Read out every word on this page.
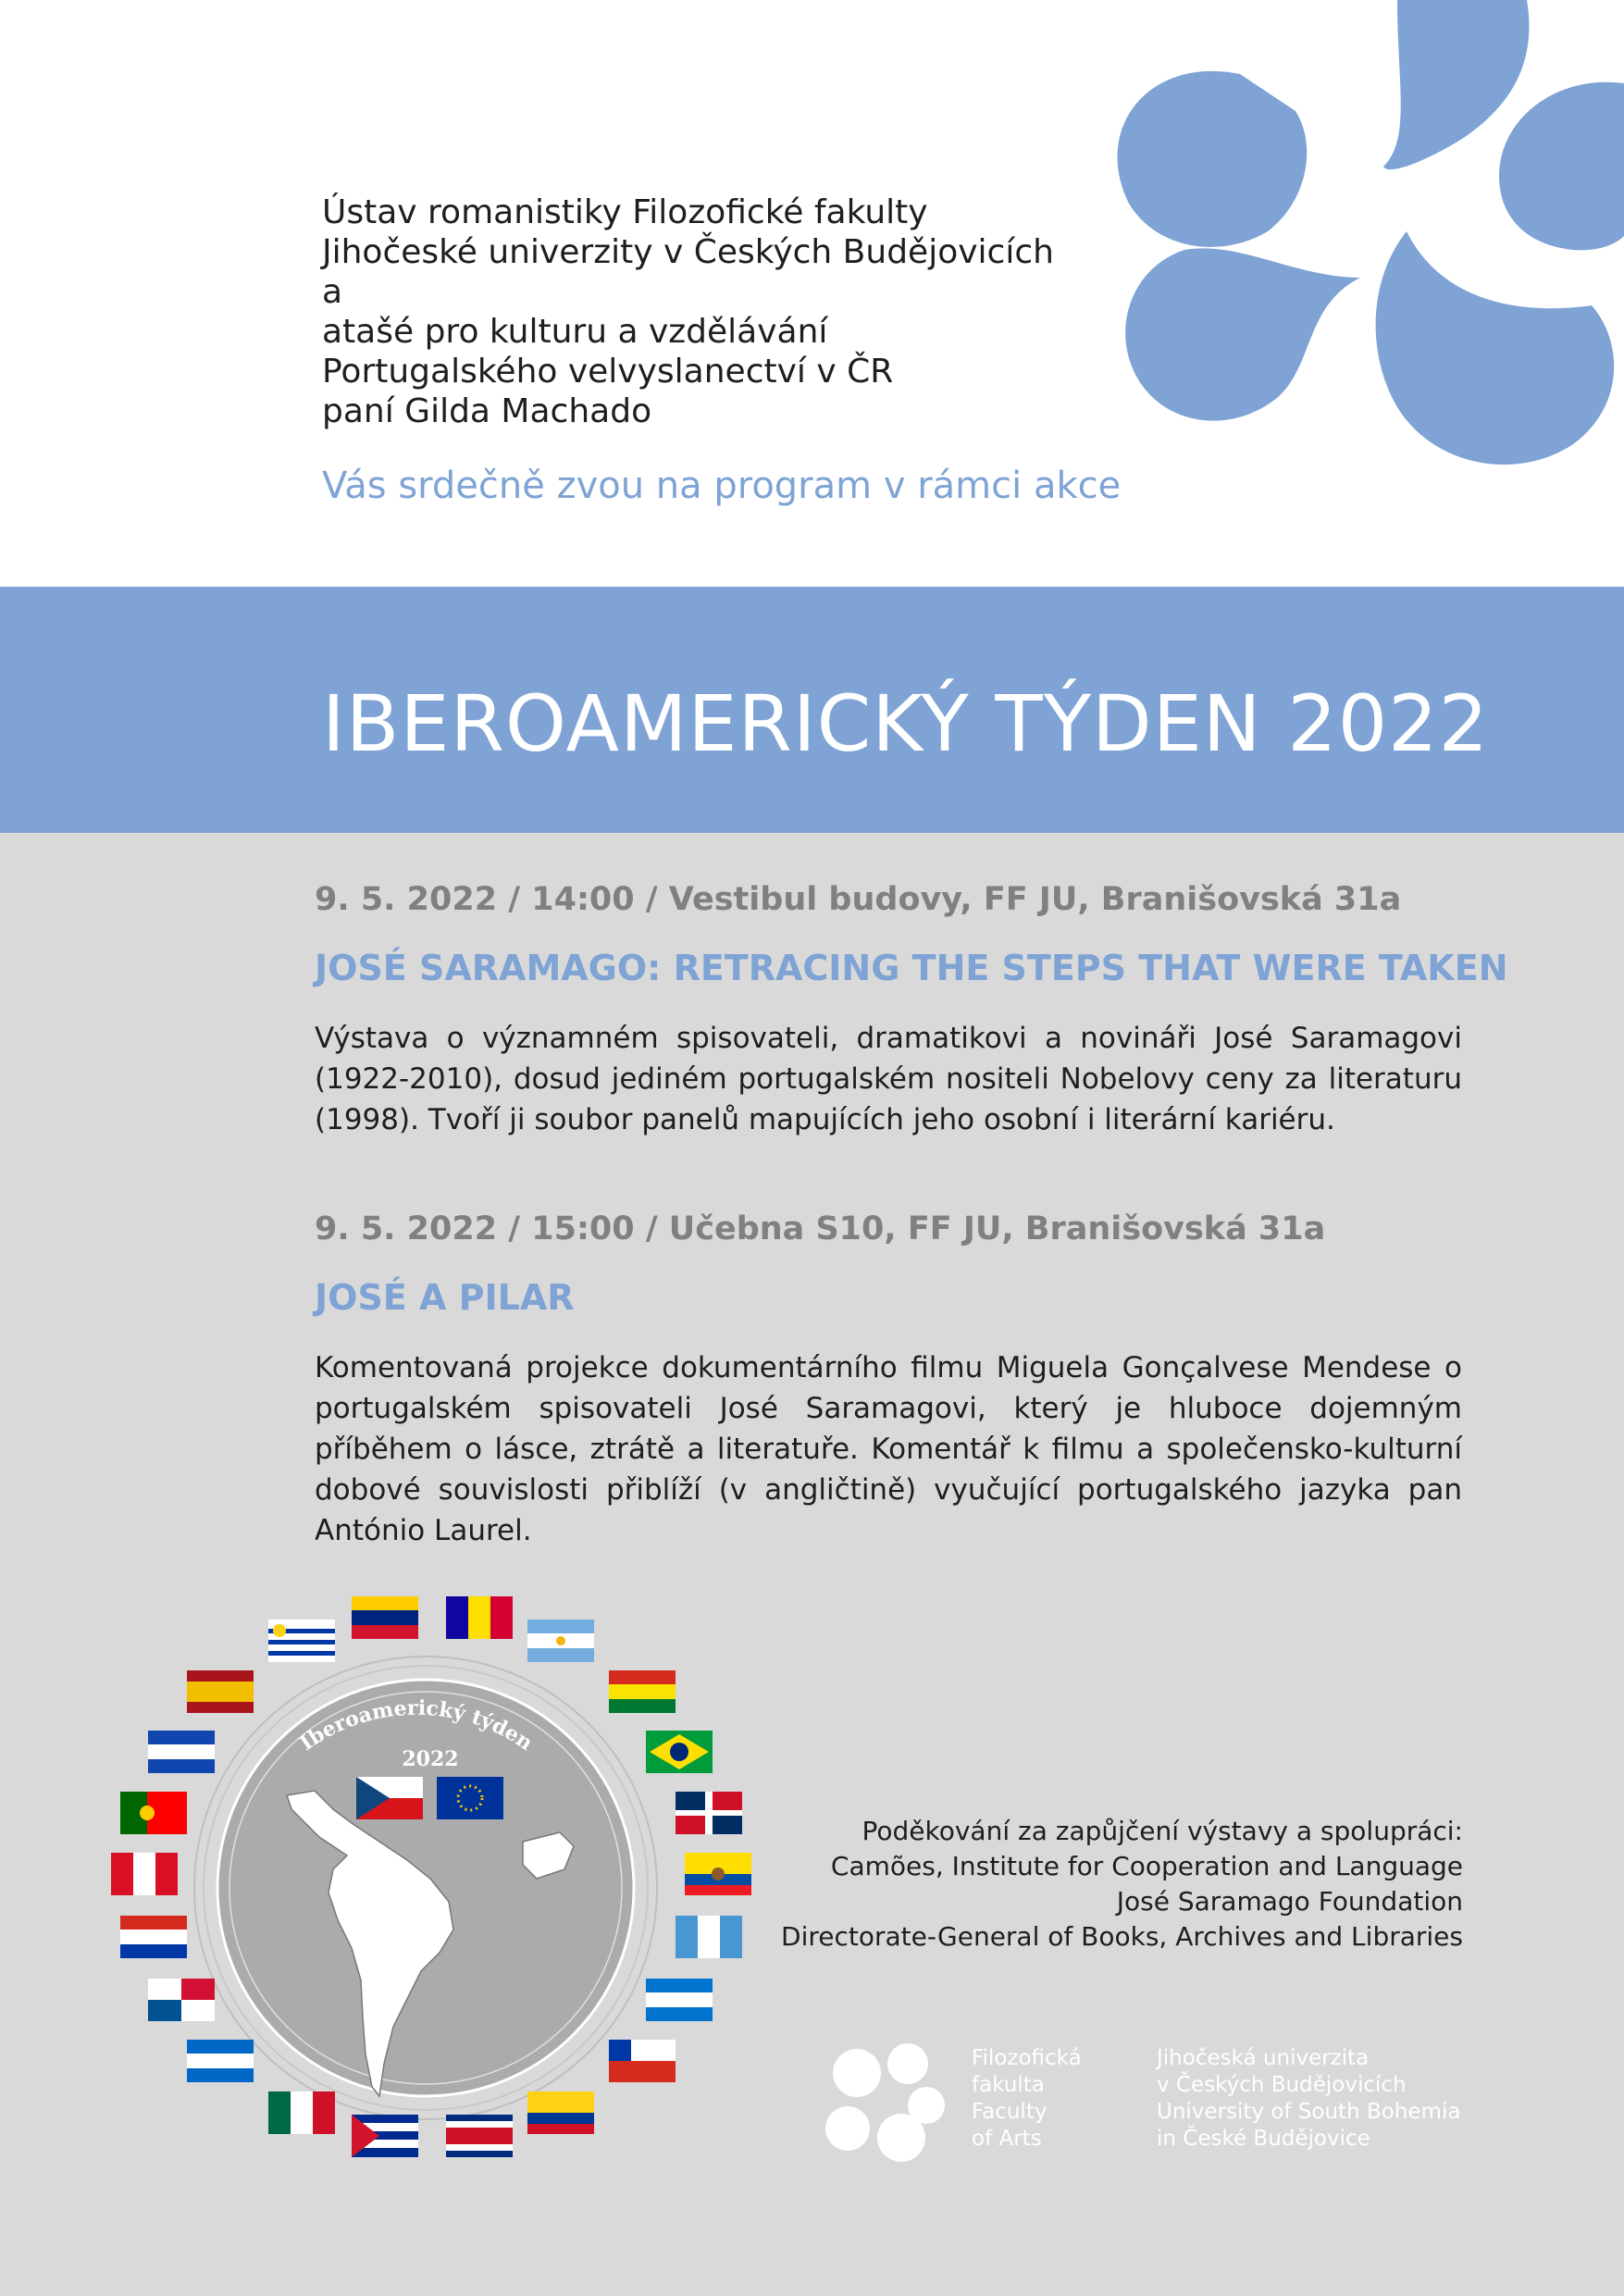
Ústav romanistiky Filozofické fakulty
Jihočeské univerzity v Českých Budějovicích
a
atašé pro kulturu a vzdělávání
Portugalského velvyslanectví v ČR
paní Gilda Machado
Vás srdečně zvou na program v rámci akce
IBEROAMERICKÝ TÝDEN 2022
9. 5. 2022 / 14:00 / Vestibul budovy, FF JU, Branišovská 31a
JOSÉ SARAMAGO: RETRACING THE STEPS THAT WERE TAKEN
Výstava o významném spisovateli, dramatikovi a novináři José Saramagovi (1922-2010), dosud jediném portugalském nositeli Nobelovy ceny za literaturu (1998). Tvoří ji soubor panelů mapujících jeho osobní i literární kariéru.
9. 5. 2022 / 15:00 / Učebna S10, FF JU, Branišovská 31a
JOSÉ A PILAR
Komentovaná projekce dokumentárního filmu Miguela Gonçalvese Mendese o portugalském spisovateli José Saramagovi, který je hluboce dojemným příběhem o lásce, ztrátě a literatuře. Komentář k filmu a společensko-kulturní dobové souvislosti přiblíží (v angličtině) vyučující portugalského jazyka pan António Laurel.
Iberoamerický týden
2022
Poděkování za zapůjčení výstavy a spolupráci:
Camões, Institute for Cooperation and Language
José Saramago Foundation
Directorate-General of Books, Archives and Libraries
Filozofická
fakulta
Faculty
of Arts
Jihočeská univerzita
v Českých Budějovicích
University of South Bohemia
in České Budějovice
